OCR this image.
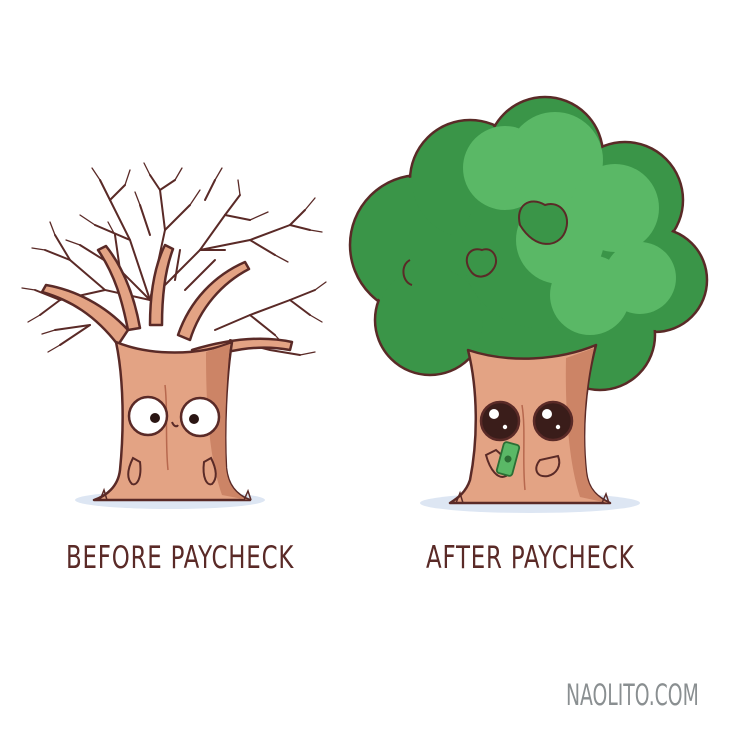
BEFORE PAYCHECK	AFTER PAYCHECK
NAOLITO.COM
